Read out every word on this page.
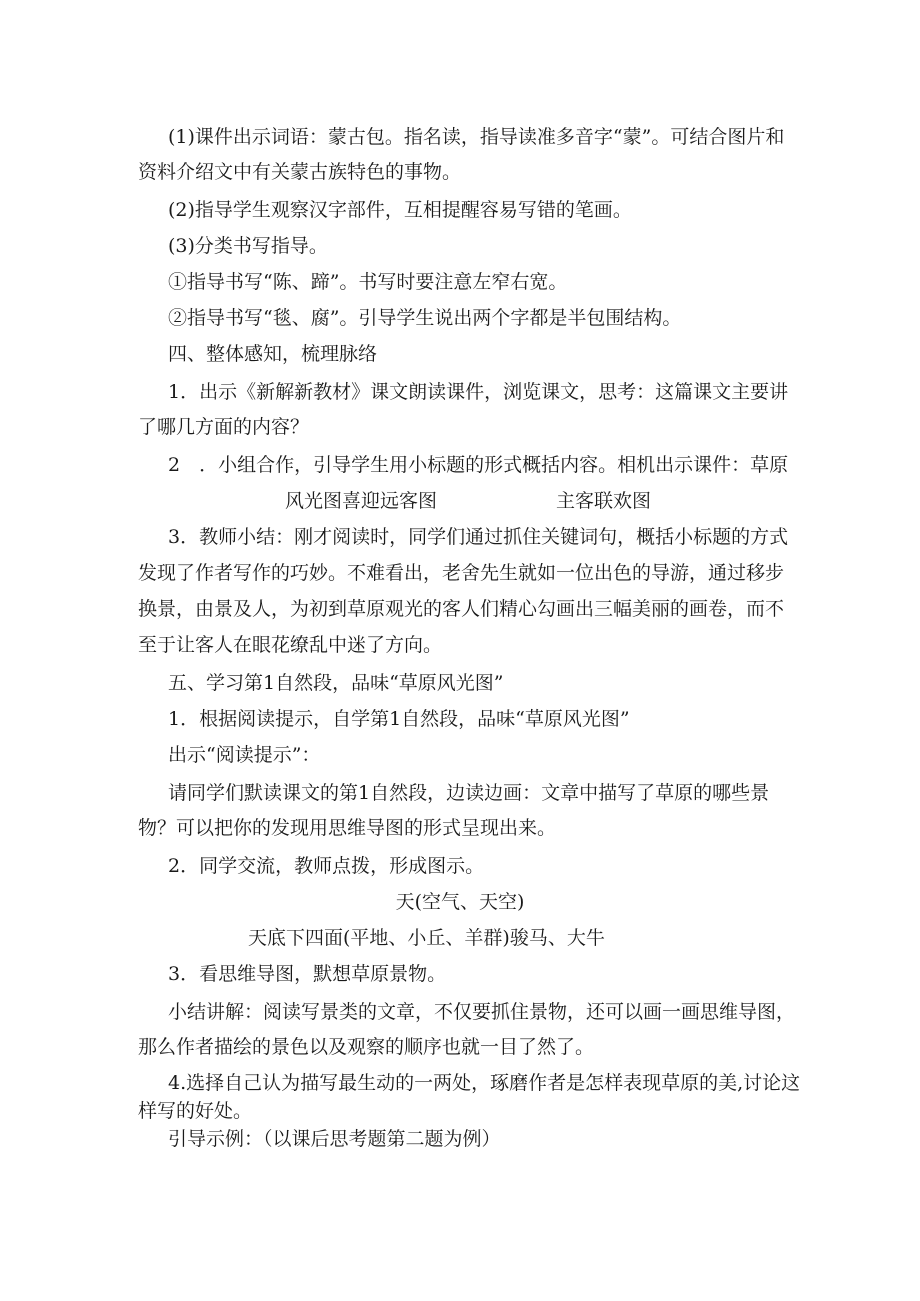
(1)课件出示词语：蒙古包。指名读，指导读准多音字“蒙”。可结合图片和
资料介绍文中有关蒙古族特色的事物。
(2)指导学生观察汉字部件，互相提醒容易写错的笔画。
(3)分类书写指导。
①指导书写“陈、蹄”。书写时要注意左窄右宽。
②指导书写“毯、腐”。引导学生说出两个字都是半包围结构。
四、整体感知，梳理脉络
1．出示《新解新教材》课文朗读课件，浏览课文，思考：这篇课文主要讲
了哪几方面的内容？
2　．小组合作，引导学生用小标题的形式概括内容。相机出示课件：草原
风光图喜迎远客图	主客联欢图
3．教师小结：刚才阅读时，同学们通过抓住关键词句，概括小标题的方式
发现了作者写作的巧妙。不难看出，老舍先生就如一位出色的导游，通过移步
换景，由景及人，为初到草原观光的客人们精心勾画出三幅美丽的画卷，而不
至于让客人在眼花缭乱中迷了方向。
五、学习第1自然段，品味“草原风光图”
1．根据阅读提示，自学第1自然段，品味“草原风光图”
出示“阅读提示”：
请同学们默读课文的第1自然段，边读边画：文章中描写了草原的哪些景
物？可以把你的发现用思维导图的形式呈现出来。
2．同学交流，教师点拨，形成图示。
天(空气、天空)
天底下四面(平地、小丘、羊群)骏马、大牛
3．看思维导图，默想草原景物。
小结讲解：阅读写景类的文章，不仅要抓住景物，还可以画一画思维导图，
那么作者描绘的景色以及观察的顺序也就一目了然了。
4.选择自己认为描写最生动的一两处，琢磨作者是怎样表现草原的美,讨论这
样写的好处。
引导示例：（以课后思考题第二题为例）
